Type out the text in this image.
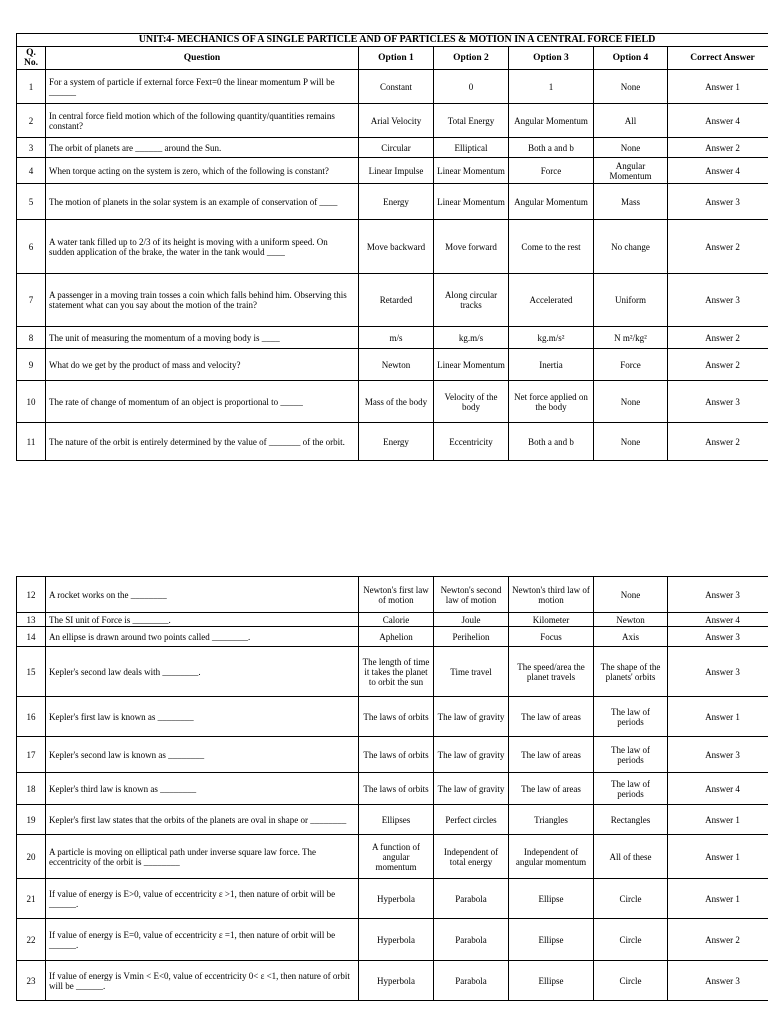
UNIT:4- MECHANICS OF A SINGLE PARTICLE AND OF PARTICLES & MOTION IN A CENTRAL FORCE FIELD						
Q. No.	Question	Option 1	Option 2	Option 3	Option 4	Correct Answer
1	For a system of particle if external force Fext=0 the linear momentum P will be ______	Constant	0	1	None	Answer 1
2	In central force field motion which of the following quantity/quantities remains constant?	Arial Velocity	Total Energy	Angular Momentum	All	Answer 4
3	The orbit of planets are ______ around the Sun.	Circular	Elliptical	Both a and b	None	Answer 2
4	When torque acting on the system is zero, which of the following is constant?	Linear Impulse	Linear Momentum	Force	Angular Momentum	Answer 4
5	The motion of planets in the solar system is an example of conservation of ____	Energy	Linear Momentum	Angular Momentum	Mass	Answer 3
6	A water tank filled up to 2/3 of its height is moving with a uniform speed. On sudden application of the brake, the water in the tank would ____	Move backward	Move forward	Come to the rest	No change	Answer 2
7	A passenger in a moving train tosses a coin which falls behind him. Observing this statement what can you say about the motion of the train?	Retarded	Along circular tracks	Accelerated	Uniform	Answer 3
8	The unit of measuring the momentum of a moving body is ____	m/s	kg.m/s	kg.m/s²	N m²/kg²	Answer 2
9	What do we get by the product of mass and velocity?	Newton	Linear Momentum	Inertia	Force	Answer 2
10	The rate of change of momentum of an object is proportional to _____	Mass of the body	Velocity of the body	Net force applied on the body	None	Answer 3
11	The nature of the orbit is entirely determined by the value of _______ of the orbit.	Energy	Eccentricity	Both a and b	None	Answer 2
12	A rocket works on the ________	Newton's first law of motion	Newton's second law of motion	Newton's third law of motion	None	Answer 3
13	The SI unit of Force is ________.	Calorie	Joule	Kilometer	Newton	Answer 4
14	An ellipse is drawn around two points called ________.	Aphelion	Perihelion	Focus	Axis	Answer 3
15	Kepler's second law deals with ________.	The length of time it takes the planet to orbit the sun	Time travel	The speed/area the planet travels	The shape of the planets' orbits	Answer 3
16	Kepler's first law is known as ________	The laws of orbits	The law of gravity	The law of areas	The law of periods	Answer 1
17	Kepler's second law is known as ________	The laws of orbits	The law of gravity	The law of areas	The law of periods	Answer 3
18	Kepler's third law is known as ________	The laws of orbits	The law of gravity	The law of areas	The law of periods	Answer 4
19	Kepler's first law states that the orbits of the planets are oval in shape or ________	Ellipses	Perfect circles	Triangles	Rectangles	Answer 1
20	A particle is moving on elliptical path under inverse square law force. The eccentricity of the orbit is ________	A function of angular momentum	Independent of total energy	Independent of angular momentum	All of these	Answer 1
21	If value of energy is E>0, value of eccentricity ε >1, then nature of orbit will be ______.	Hyperbola	Parabola	Ellipse	Circle	Answer 1
22	If value of energy is E=0, value of eccentricity ε =1, then nature of orbit will be ______.	Hyperbola	Parabola	Ellipse	Circle	Answer 2
23	If value of energy is Vmin < E<0, value of eccentricity 0< ε <1, then nature of orbit will be ______.	Hyperbola	Parabola	Ellipse	Circle	Answer 3
